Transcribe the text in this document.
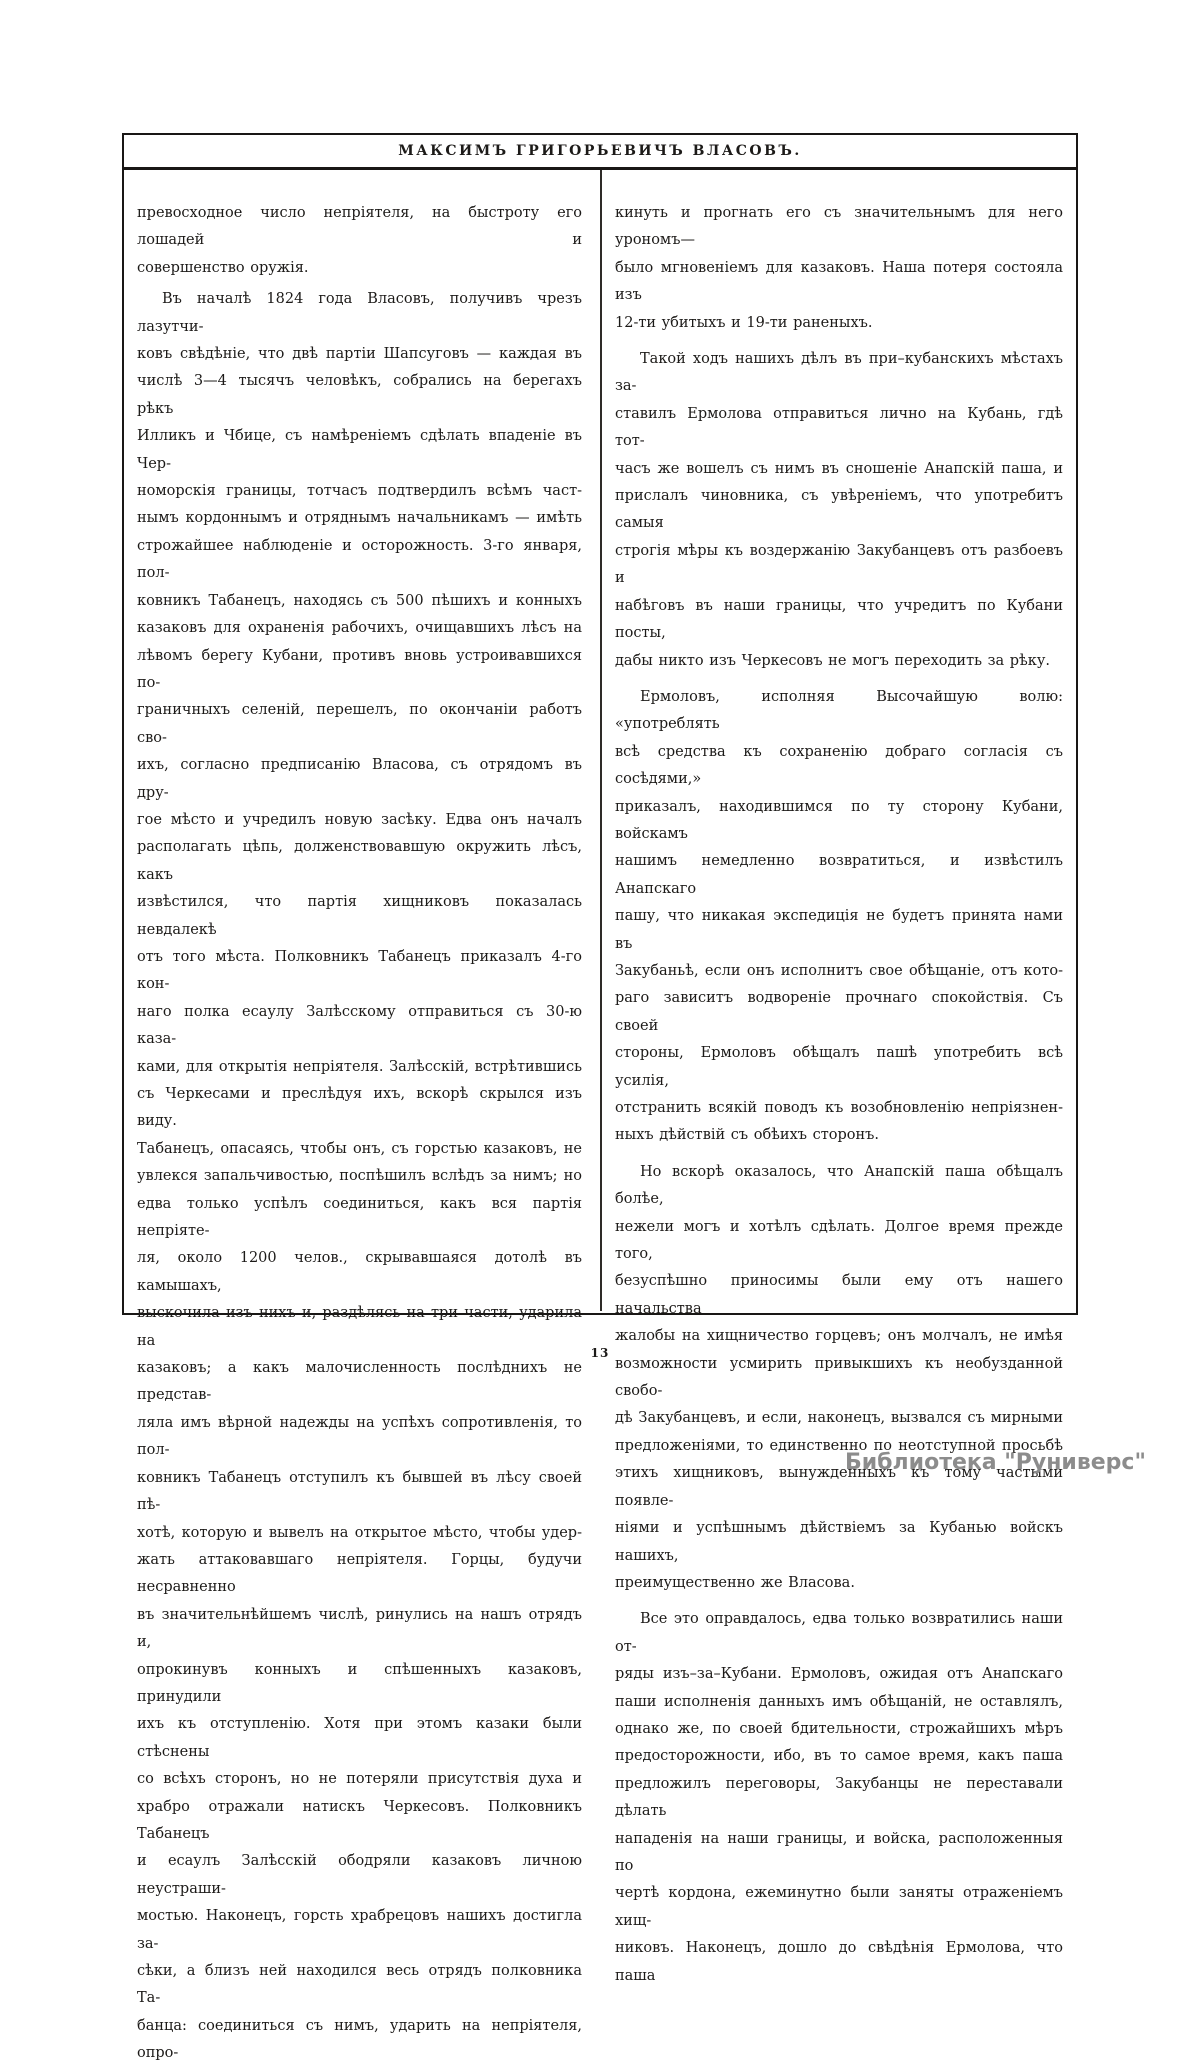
МАКСИМЪ ГРИГОРЬЕВИЧЪ ВЛАСОВЪ.
превосходное число непріятеля, на быстроту его лошадей и
совершенство оружія.
Въ началѣ 1824 года Власовъ, получивъ чрезъ лазутчи-
ковъ свѣдѣніе, что двѣ партіи Шапсуговъ — каждая въ
числѣ 3—4 тысячъ человѣкъ, собрались на берегахъ рѣкъ
Илликъ и Чбице, съ намѣреніемъ сдѣлать впаденіе въ Чер-
номорскія границы, тотчасъ подтвердилъ всѣмъ част-
нымъ кордоннымъ и отряднымъ начальникамъ — имѣть
строжайшее наблюденіе и осторожность. 3-го января, пол-
ковникъ Табанецъ, находясь съ 500 пѣшихъ и конныхъ
казаковъ для охраненія рабочихъ, очищавшихъ лѣсъ на
лѣвомъ берегу Кубани, противъ вновь устроивавшихся по-
граничныхъ селеній, перешелъ, по окончаніи работъ сво-
ихъ, согласно предписанію Власова, съ отрядомъ въ дру-
гое мѣсто и учредилъ новую засѣку. Едва онъ началъ
располагать цѣпь, долженствовавшую окружить лѣсъ, какъ
извѣстился, что партія хищниковъ показалась невдалекѣ
отъ того мѣста. Полковникъ Табанецъ приказалъ 4-го кон-
наго полка есаулу Залѣсскому отправиться съ 30-ю каза-
ками, для открытія непріятеля. Залѣсскій, встрѣтившись
съ Черкесами и преслѣдуя ихъ, вскорѣ скрылся изъ виду.
Табанецъ, опасаясь, чтобы онъ, съ горстью казаковъ, не
увлекся запальчивостью, поспѣшилъ вслѣдъ за нимъ; но
едва только успѣлъ соединиться, какъ вся партія непріяте-
ля, около 1200 челов., скрывавшаяся дотолѣ въ камышахъ,
выскочила изъ нихъ и, раздѣлясь на три части, ударила на
казаковъ; а какъ малочисленность послѣднихъ не представ-
ляла имъ вѣрной надежды на успѣхъ сопротивленія, то пол-
ковникъ Табанецъ отступилъ къ бывшей въ лѣсу своей пѣ-
хотѣ, которую и вывелъ на открытое мѣсто, чтобы удер-
жать аттаковавшаго непріятеля. Горцы, будучи несравненно
въ значительнѣйшемъ числѣ, ринулись на нашъ отрядъ и,
опрокинувъ конныхъ и спѣшенныхъ казаковъ, принудили
ихъ къ отступленію. Хотя при этомъ казаки были стѣснены
со всѣхъ сторонъ, но не потеряли присутствія духа и
храбро отражали натискъ Черкесовъ. Полковникъ Табанецъ
и есаулъ Залѣсскій ободряли казаковъ личною неустраши-
мостью. Наконецъ, горсть храбрецовъ нашихъ достигла за-
сѣки, а близъ ней находился весь отрядъ полковника Та-
банца: соединиться съ нимъ, ударить на непріятеля, опро-
кинуть и прогнать его съ значительнымъ для него урономъ—
было мгновеніемъ для казаковъ. Наша потеря состояла изъ
12-ти убитыхъ и 19-ти раненыхъ.
Такой ходъ нашихъ дѣлъ въ при–кубанскихъ мѣстахъ за-
ставилъ Ермолова отправиться лично на Кубань, гдѣ тот-
часъ же вошелъ съ нимъ въ сношеніе Анапскій паша, и
прислалъ чиновника, съ увѣреніемъ, что употребитъ самыя
строгія мѣры къ воздержанію Закубанцевъ отъ разбоевъ и
набѣговъ въ наши границы, что учредитъ по Кубани посты,
дабы никто изъ Черкесовъ не могъ переходить за рѣку.
Ермоловъ, исполняя Высочайшую волю: «употреблять
всѣ средства къ сохраненію добраго согласія съ сосѣдями,»
приказалъ, находившимся по ту сторону Кубани, войскамъ
нашимъ немедленно возвратиться, и извѣстилъ Анапскаго
пашу, что никакая экспедиція не будетъ принята нами въ
Закубаньѣ, если онъ исполнитъ свое обѣщаніе, отъ кото-
раго зависитъ водвореніе прочнаго спокойствія. Съ своей
стороны, Ермоловъ обѣщалъ пашѣ употребить всѣ усилія,
отстранить всякій поводъ къ возобновленію непріязнен-
ныхъ дѣйствій съ обѣихъ сторонъ.
Но вскорѣ оказалось, что Анапскій паша обѣщалъ болѣе,
нежели могъ и хотѣлъ сдѣлать. Долгое время прежде того,
безуспѣшно приносимы были ему отъ нашего начальства
жалобы на хищничество горцевъ; онъ молчалъ, не имѣя
возможности усмирить привыкшихъ къ необузданной свобо-
дѣ Закубанцевъ, и если, наконецъ, вызвался съ мирными
предложеніями, то единственно по неотступной просьбѣ
этихъ хищниковъ, вынужденныхъ къ тому частыми появле-
ніями и успѣшнымъ дѣйствіемъ за Кубанью войскъ нашихъ,
преимущественно же Власова.
Все это оправдалось, едва только возвратились наши от-
ряды изъ–за–Кубани. Ермоловъ, ожидая отъ Анапскаго
паши исполненія данныхъ имъ обѣщаній, не оставлялъ,
однако же, по своей бдительности, строжайшихъ мѣръ
предосторожности, ибо, въ то самое время, какъ паша
предложилъ переговоры, Закубанцы не переставали дѣлать
нападенія на наши границы, и войска, расположенныя по
чертѣ кордона, ежеминутно были заняты отраженіемъ хищ-
никовъ. Наконецъ, дошло до свѣдѣнія Ермолова, что паша
13
Библиотека "Руниверс"
